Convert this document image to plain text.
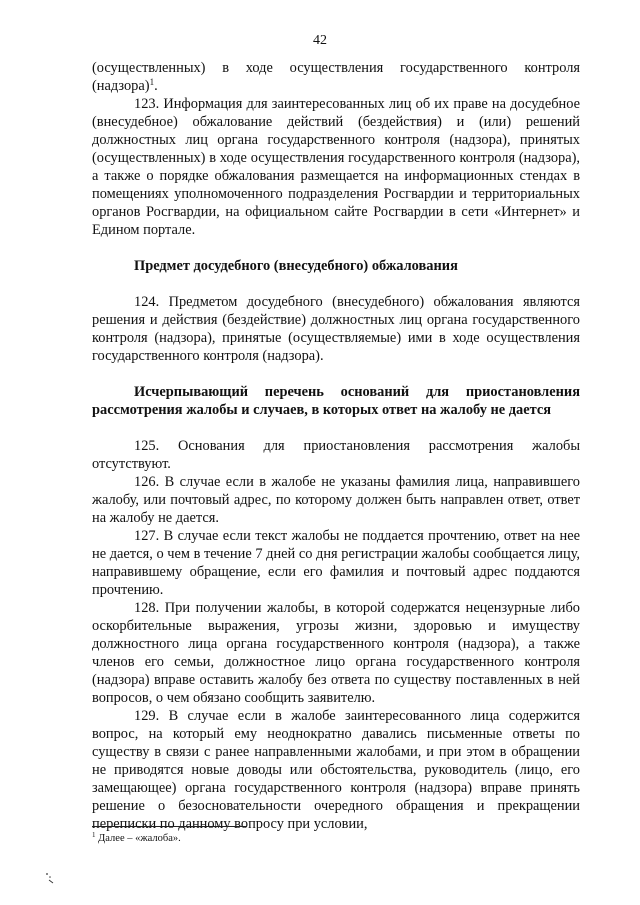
42

(осуществленных) в ходе осуществления государственного контроля (надзора)$^1$.

123. Информация для заинтересованных лиц об их праве на досудебное (внесудебное) обжалование действий (бездействия) и (или) решений должностных лиц органа государственного контроля (надзора), принятых (осуществленных) в ходе осуществления государственного контроля (надзора), а также о порядке обжалования размещается на информационных стендах в помещениях уполномоченного подразделения Росгвардии и территориальных органов Росгвардии, на официальном сайте Росгвардии в сети «Интернет» и Едином портале.

Предмет досудебного (внесудебного) обжалования

124. Предметом досудебного (внесудебного) обжалования являются решения и действия (бездействие) должностных лиц органа государственного контроля (надзора), принятые (осуществляемые) ими в ходе осуществления государственного контроля (надзора).

Исчерпывающий перечень оснований для приостановления рассмотрения жалобы и случаев, в которых ответ на жалобу не дается

125. Основания для приостановления рассмотрения жалобы отсутствуют.

126. В случае если в жалобе не указаны фамилия лица, направившего жалобу, или почтовый адрес, по которому должен быть направлен ответ, ответ на жалобу не дается.

127. В случае если текст жалобы не поддается прочтению, ответ на нее не дается, о чем в течение 7 дней со дня регистрации жалобы сообщается лицу, направившему обращение, если его фамилия и почтовый адрес поддаются прочтению.

128. При получении жалобы, в которой содержатся нецензурные либо оскорбительные выражения, угрозы жизни, здоровью и имуществу должностного лица органа государственного контроля (надзора), а также членов его семьи, должностное лицо органа государственного контроля (надзора) вправе оставить жалобу без ответа по существу поставленных в ней вопросов, о чем обязано сообщить заявителю.

129. В случае если в жалобе заинтересованного лица содержится вопрос, на который ему неоднократно давались письменные ответы по существу в связи с ранее направленными жалобами, и при этом в обращении не приводятся новые доводы или обстоятельства, руководитель (лицо, его замещающее) органа государственного контроля (надзора) вправе принять решение о безосновательности очередного обращения и прекращении переписки по данному вопросу при условии,

$^1$ Далее – «жалоба».
